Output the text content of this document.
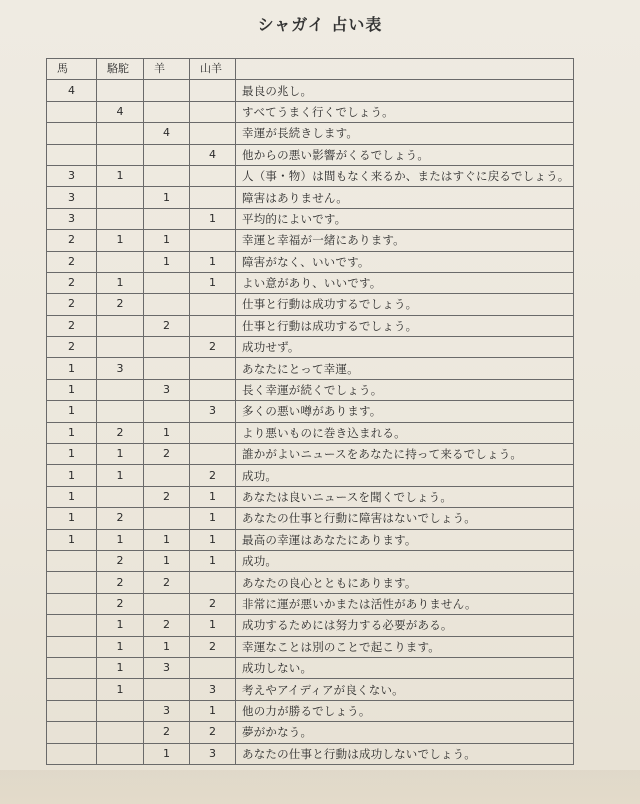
シャガイ 占い表
馬	駱駝	羊	山羊	
4				最良の兆し。
	4			すべてうまく行くでしょう。
		4		幸運が長続きします。
			4	他からの悪い影響がくるでしょう。
3	1			人（事・物）は間もなく来るか、またはすぐに戻るでしょう。
3		1		障害はありません。
3			1	平均的によいです。
2	1	1		幸運と幸福が一緒にあります。
2		1	1	障害がなく、いいです。
2	1		1	よい意があり、いいです。
2	2			仕事と行動は成功するでしょう。
2		2		仕事と行動は成功するでしょう。
2			2	成功せず。
1	3			あなたにとって幸運。
1		3		長く幸運が続くでしょう。
1			3	多くの悪い噂があります。
1	2	1		より悪いものに巻き込まれる。
1	1	2		誰かがよいニュースをあなたに持って来るでしょう。
1	1		2	成功。
1		2	1	あなたは良いニュースを聞くでしょう。
1	2		1	あなたの仕事と行動に障害はないでしょう。
1	1	1	1	最高の幸運はあなたにあります。
	2	1	1	成功。
	2	2		あなたの良心とともにあります。
	2		2	非常に運が悪いかまたは活性がありません。
	1	2	1	成功するためには努力する必要がある。
	1	1	2	幸運なことは別のことで起こります。
	1	3		成功しない。
	1		3	考えやアイディアが良くない。
		3	1	他の力が勝るでしょう。
		2	2	夢がかなう。
		1	3	あなたの仕事と行動は成功しないでしょう。
